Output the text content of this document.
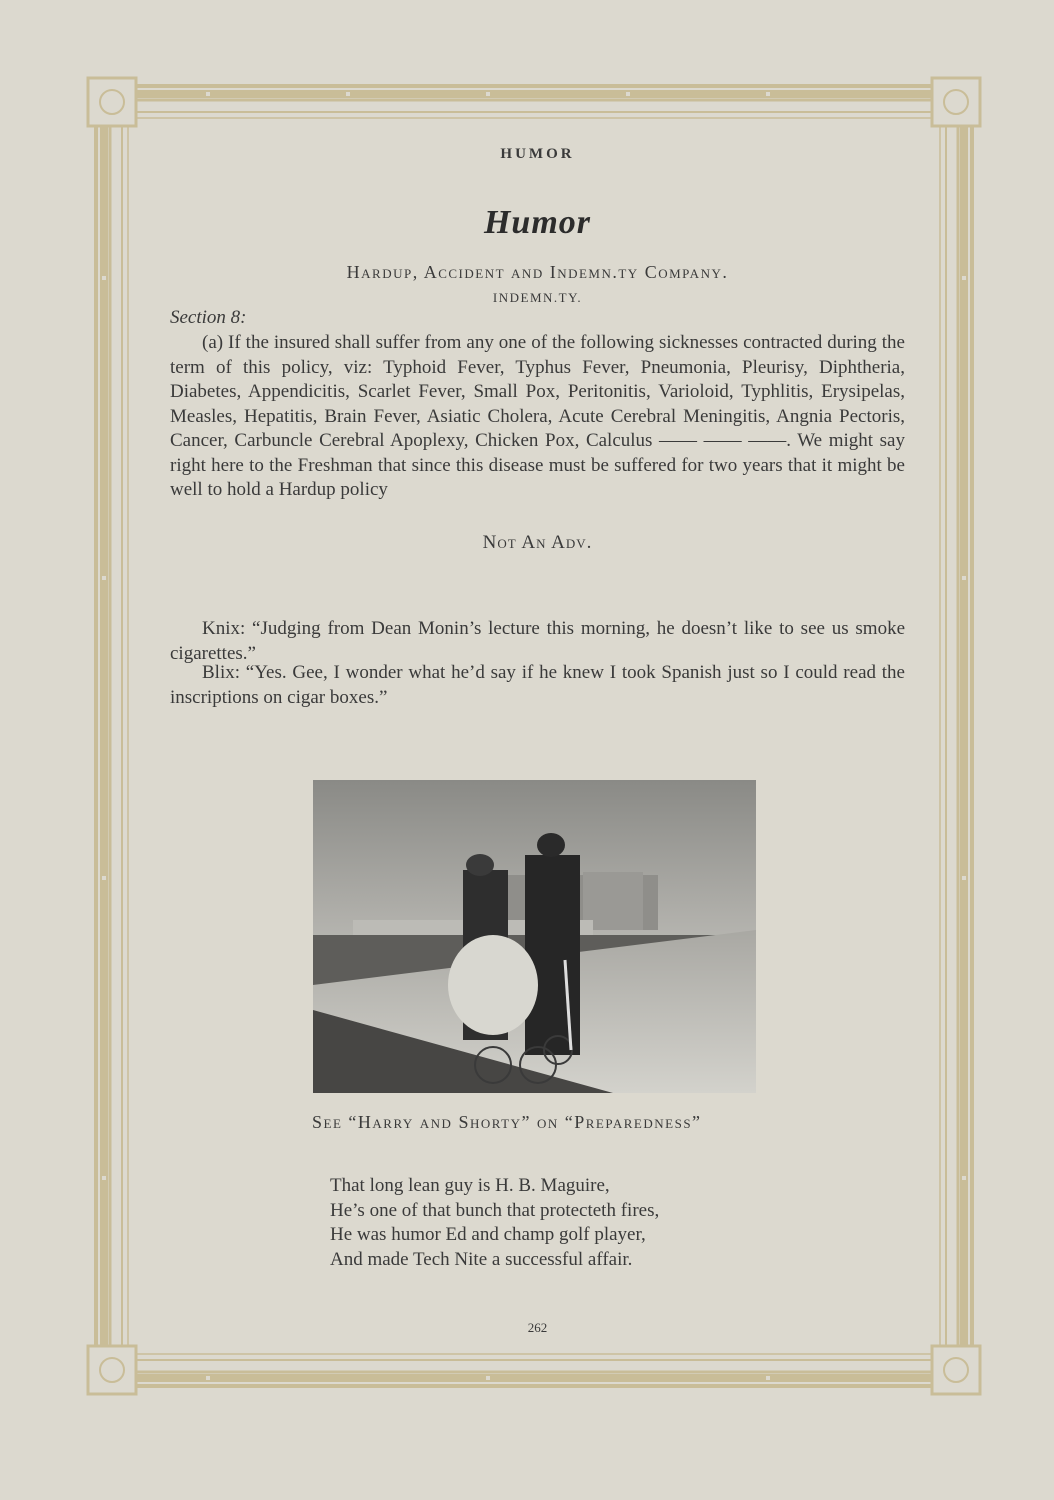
HUMOR
Humor
Hardup, Accident and Indemn.ty Company.
INDEMN.TY.
Section 8:

(a) If the insured shall suffer from any one of the following sicknesses contracted during the term of this policy, viz: Typhoid Fever, Typhus Fever, Pneumonia, Pleurisy, Diphtheria, Diabetes, Appendicitis, Scarlet Fever, Small Pox, Peritonitis, Varioloid, Typhlitis, Erysipelas, Measles, Hepatitis, Brain Fever, Asiatic Cholera, Acute Cerebral Meningitis, Angnia Pectoris, Cancer, Carbuncle Cerebral Apoplexy, Chicken Pox, Calculus —— —— ——. We might say right here to the Freshman that since this disease must be suffered for two years that it might be well to hold a Hardup policy

Not An Adv.

Knix: “Judging from Dean Monin’s lecture this morning, he doesn’t like to see us smoke cigarettes.”

Blix: “Yes. Gee, I wonder what he’d say if he knew I took Spanish just so I could read the inscriptions on cigar boxes.”

See “Harry and Shorty” on “Preparedness”
That long lean guy is H. B. Maguire,
He’s one of that bunch that protecteth fires,
He was humor Ed and champ golf player,
And made Tech Nite a successful affair.
262
